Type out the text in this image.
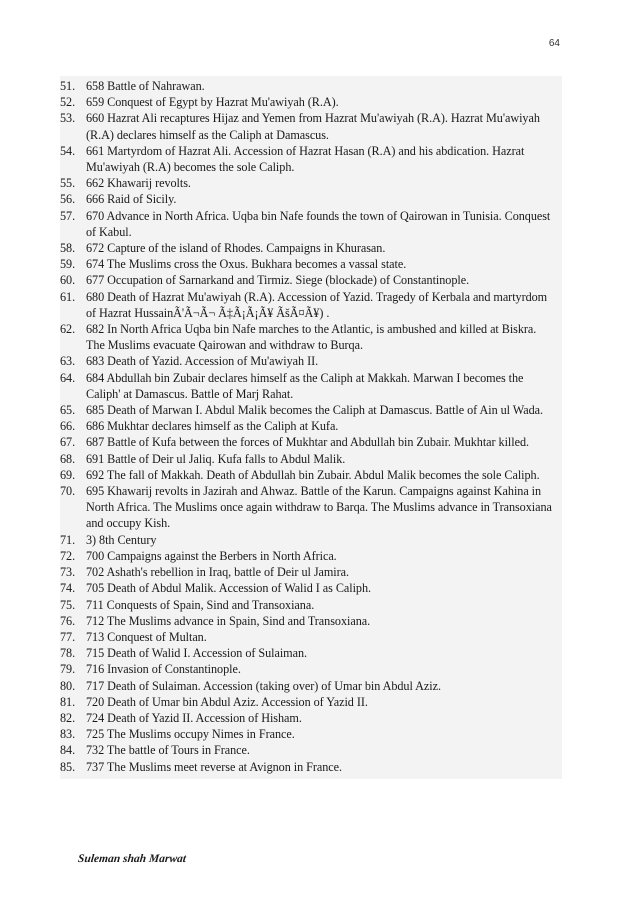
64
51. 658 Battle of Nahrawan.
52. 659 Conquest of Egypt by Hazrat Mu'awiyah (R.A).
53. 660 Hazrat Ali recaptures Hijaz and Yemen from Hazrat Mu'awiyah (R.A). Hazrat Mu'awiyah (R.A) declares himself as the Caliph at Damascus.
54. 661 Martyrdom of Hazrat Ali. Accession of Hazrat Hasan (R.A) and his abdication. Hazrat Mu'awiyah (R.A) becomes the sole Caliph.
55. 662 Khawarij revolts.
56. 666 Raid of Sicily.
57. 670 Advance in North Africa. Uqba bin Nafe founds the town of Qairowan in Tunisia. Conquest of Kabul.
58. 672 Capture of the island of Rhodes. Campaigns in Khurasan.
59. 674 The Muslims cross the Oxus. Bukhara becomes a vassal state.
60. 677 Occupation of Sarnarkand and Tirmiz. Siege (blockade) of Constantinople.
61. 680 Death of Hazrat Mu'awiyah (R.A). Accession of Yazid. Tragedy of Kerbala and martyrdom of Hazrat HussainÃ'Ã¬Ã¬ Ã‡Ã¡Ã¡Ã¥ ÃšÃ¤Ã¥) .
62. 682 In North Africa Uqba bin Nafe marches to the Atlantic, is ambushed and killed at Biskra. The Muslims evacuate Qairowan and withdraw to Burqa.
63. 683 Death of Yazid. Accession of Mu'awiyah II.
64. 684 Abdullah bin Zubair declares himself as the Caliph at Makkah. Marwan I becomes the Caliph' at Damascus. Battle of Marj Rahat.
65. 685 Death of Marwan I. Abdul Malik becomes the Caliph at Damascus. Battle of Ain ul Wada.
66. 686 Mukhtar declares himself as the Caliph at Kufa.
67. 687 Battle of Kufa between the forces of Mukhtar and Abdullah bin Zubair. Mukhtar killed.
68. 691 Battle of Deir ul Jaliq. Kufa falls to Abdul Malik.
69. 692 The fall of Makkah. Death of Abdullah bin Zubair. Abdul Malik becomes the sole Caliph.
70. 695 Khawarij revolts in Jazirah and Ahwaz. Battle of the Karun. Campaigns against Kahina in North Africa. The Muslims once again withdraw to Barqa. The Muslims advance in Transoxiana and occupy Kish.
71. 3) 8th Century
72. 700 Campaigns against the Berbers in North Africa.
73. 702 Ashath's rebellion in Iraq, battle of Deir ul Jamira.
74. 705 Death of Abdul Malik. Accession of Walid I as Caliph.
75. 711 Conquests of Spain, Sind and Transoxiana.
76. 712 The Muslims advance in Spain, Sind and Transoxiana.
77. 713 Conquest of Multan.
78. 715 Death of Walid I. Accession of Sulaiman.
79. 716 Invasion of Constantinople.
80. 717 Death of Sulaiman. Accession (taking over) of Umar bin Abdul Aziz.
81. 720 Death of Umar bin Abdul Aziz. Accession of Yazid II.
82. 724 Death of Yazid II. Accession of Hisham.
83. 725 The Muslims occupy Nimes in France.
84. 732 The battle of Tours in France.
85. 737 The Muslims meet reverse at Avignon in France.
Suleman shah Marwat
